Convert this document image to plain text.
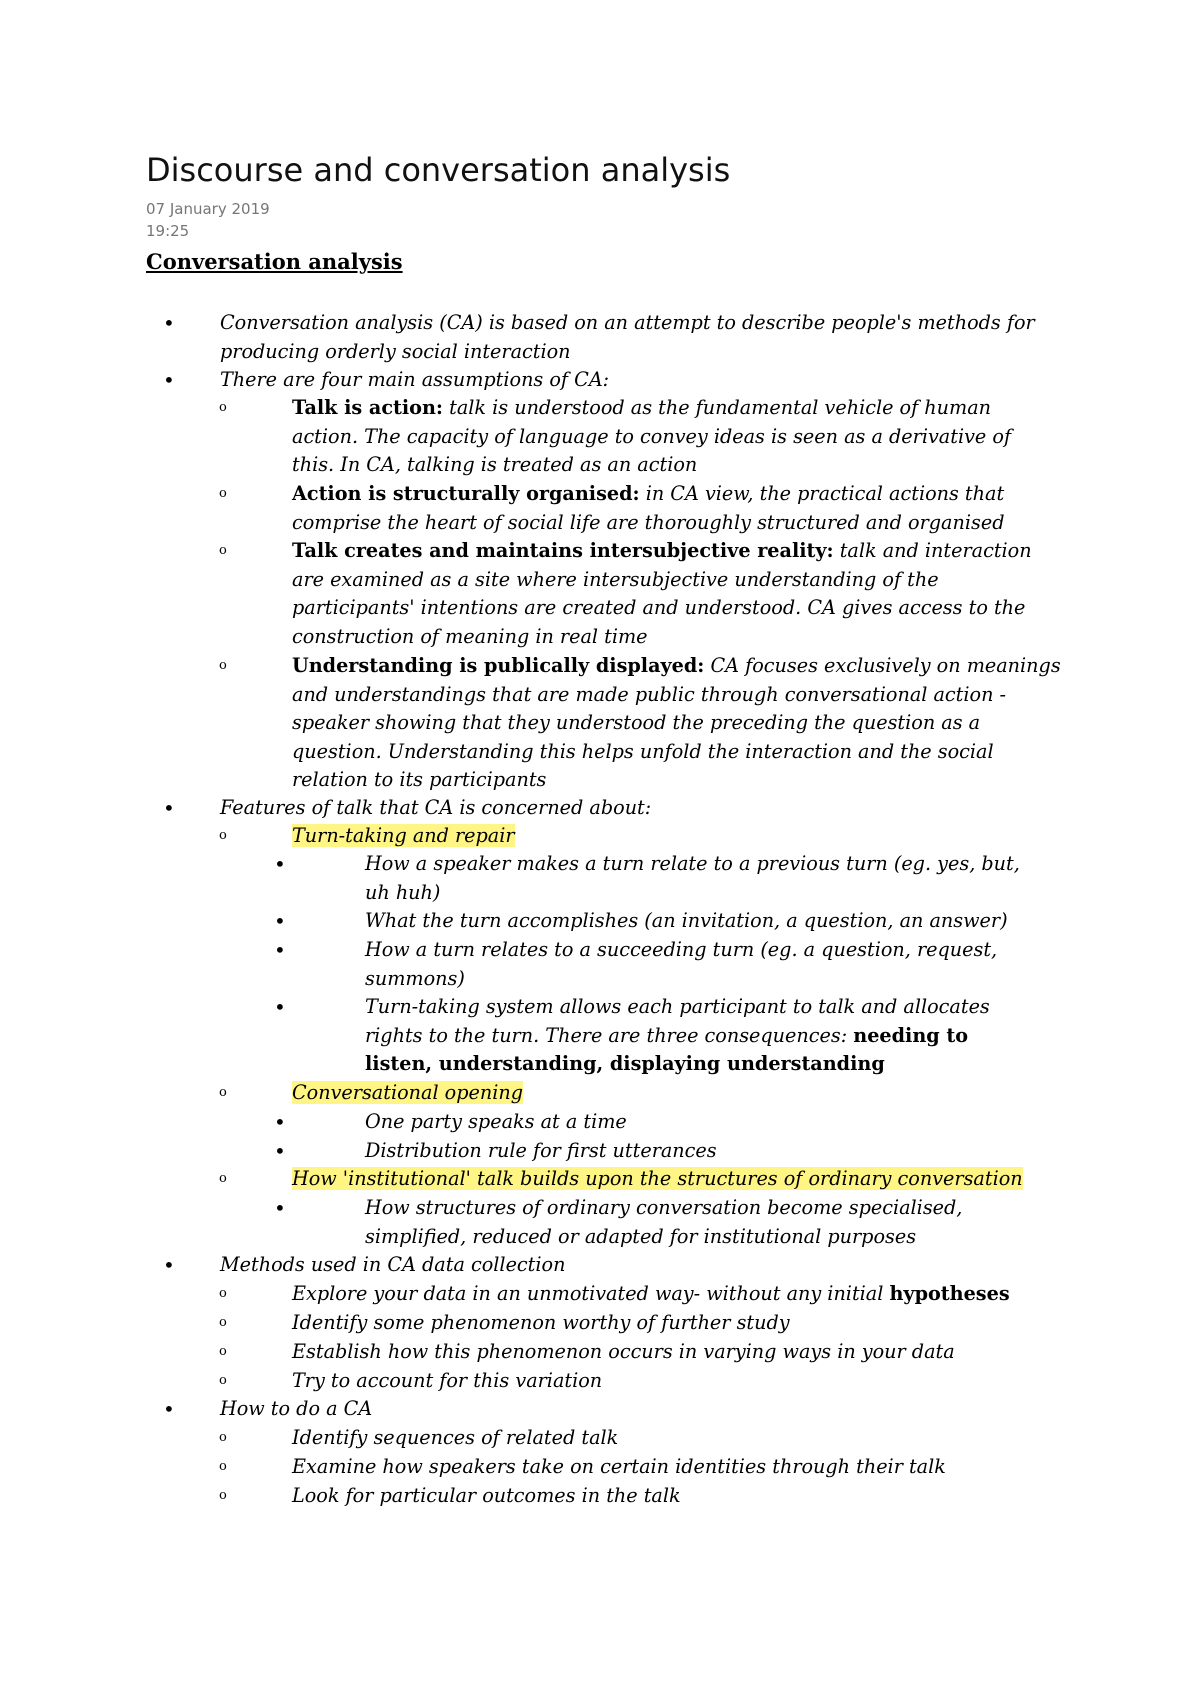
Discourse and conversation analysis
07 January 2019
19:25
Conversation analysis
•	Conversation analysis (CA) is based on an attempt to describe people's methods for producing orderly social interaction
•	There are four main assumptions of CA:
o	Talk is action: talk is understood as the fundamental vehicle of human action. The capacity of language to convey ideas is seen as a derivative of this. In CA, talking is treated as an action
o	Action is structurally organised: in CA view, the practical actions that comprise the heart of social life are thoroughly structured and organised
o	Talk creates and maintains intersubjective reality: talk and interaction are examined as a site where intersubjective understanding of the participants' intentions are created and understood. CA gives access to the construction of meaning in real time
o	Understanding is publically displayed: CA focuses exclusively on meanings and understandings that are made public through conversational action - speaker showing that they understood the preceding the question as a question. Understanding this helps unfold the interaction and the social relation to its participants
•	Features of talk that CA is concerned about:
o	Turn-taking and repair
•	How a speaker makes a turn relate to a previous turn (eg. yes, but, uh huh)
•	What the turn accomplishes (an invitation, a question, an answer)
•	How a turn relates to a succeeding turn (eg. a question, request, summons)
•	Turn-taking system allows each participant to talk and allocates rights to the turn. There are three consequences: needing to listen, understanding, displaying understanding
o	Conversational opening
•	One party speaks at a time
•	Distribution rule for first utterances
o	How 'institutional' talk builds upon the structures of ordinary conversation
•	How structures of ordinary conversation become specialised, simplified, reduced or adapted for institutional purposes
•	Methods used in CA data collection
o	Explore your data in an unmotivated way- without any initial hypotheses
o	Identify some phenomenon worthy of further study
o	Establish how this phenomenon occurs in varying ways in your data
o	Try to account for this variation
•	How to do a CA
o	Identify sequences of related talk
o	Examine how speakers take on certain identities through their talk
o	Look for particular outcomes in the talk
